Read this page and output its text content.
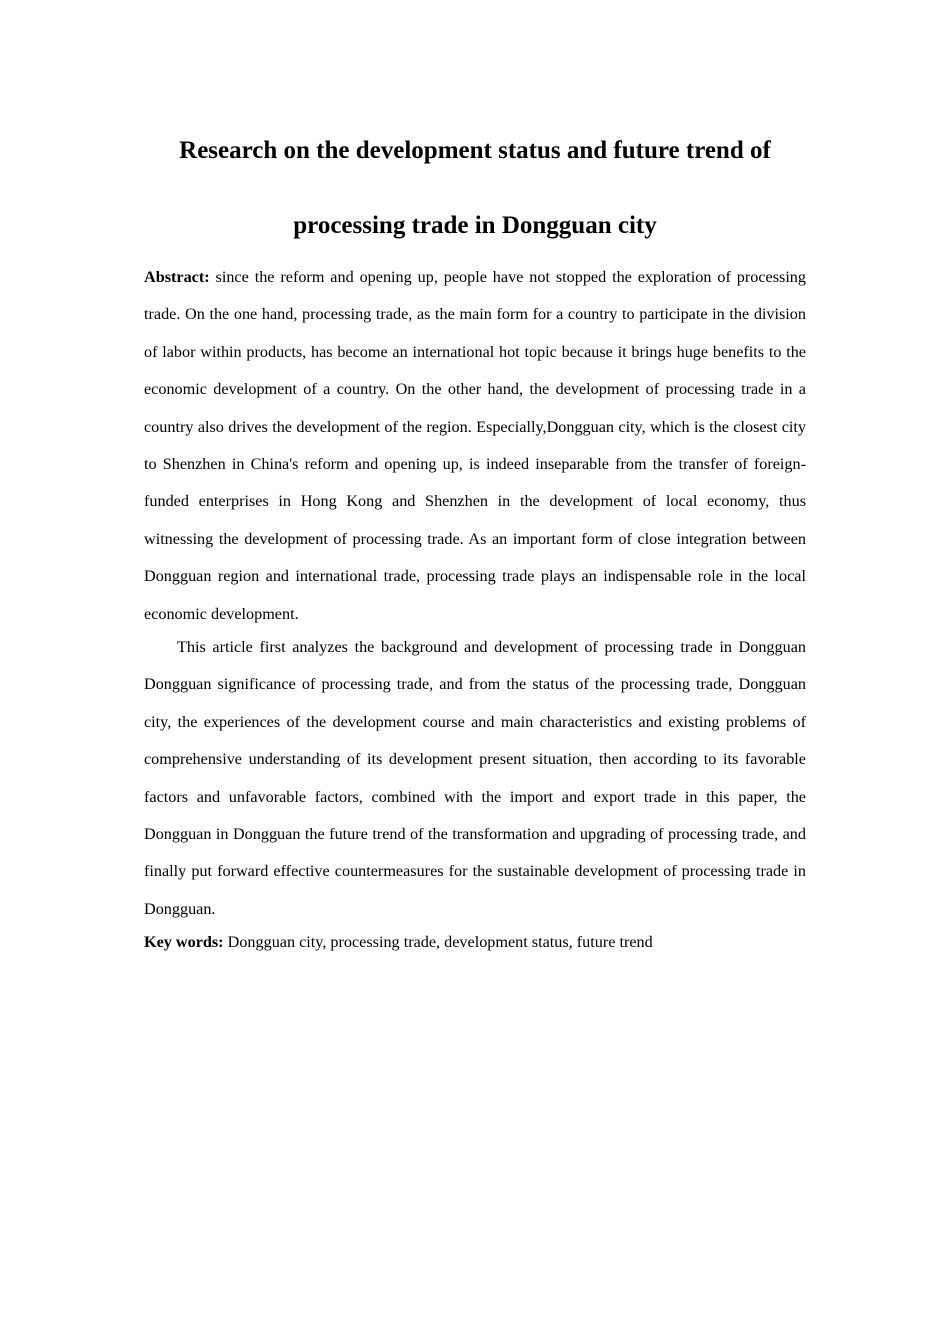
Research on the development status and future trend of
processing trade in Dongguan city

Abstract: since the reform and opening up, people have not stopped the exploration of processing trade. On the one hand, processing trade, as the main form for a country to participate in the division of labor within products, has become an international hot topic because it brings huge benefits to the economic development of a country. On the other hand, the development of processing trade in a country also drives the development of the region. Especially,Dongguan city, which is the closest city to Shenzhen in China's reform and opening up, is indeed inseparable from the transfer of foreign-funded enterprises in Hong Kong and Shenzhen in the development of local economy, thus witnessing the development of processing trade. As an important form of close integration between Dongguan region and international trade, processing trade plays an indispensable role in the local economic development.

This article first analyzes the background and development of processing trade in Dongguan Dongguan significance of processing trade, and from the status of the processing trade, Dongguan city, the experiences of the development course and main characteristics and existing problems of comprehensive understanding of its development present situation, then according to its favorable factors and unfavorable factors, combined with the import and export trade in this paper, the Dongguan in Dongguan the future trend of the transformation and upgrading of processing trade, and finally put forward effective countermeasures for the sustainable development of processing trade in Dongguan.

Key words: Dongguan city, processing trade, development status, future trend
